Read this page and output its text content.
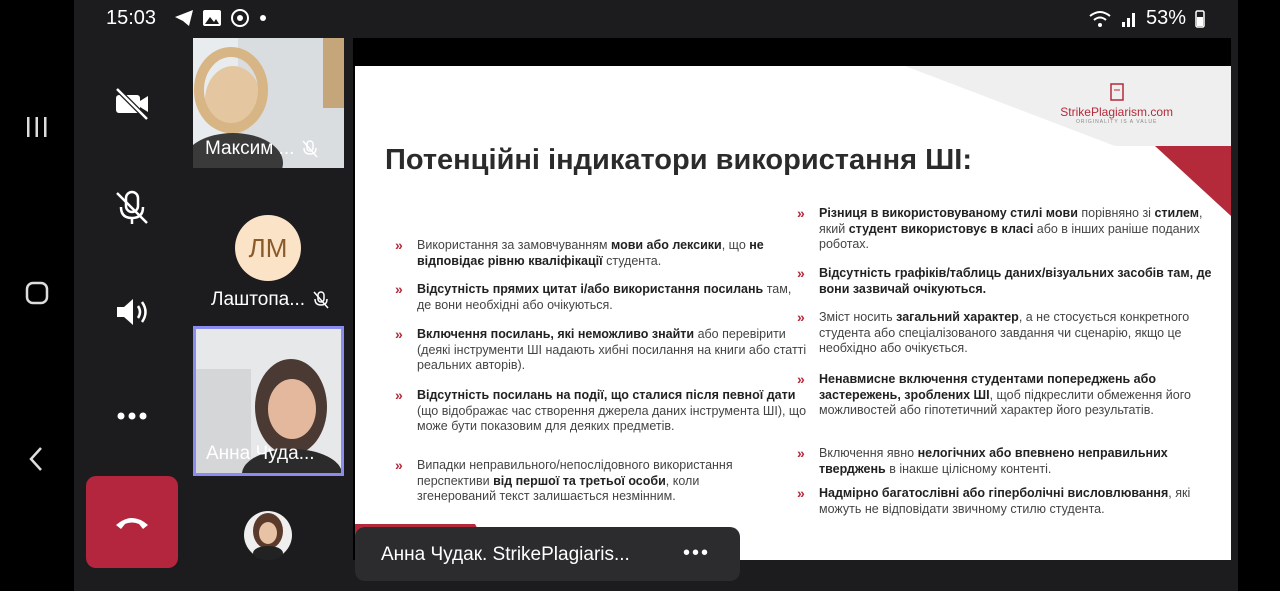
15:03	53%
Максим ...
ЛМ
Лаштопа...
Анна Чуда...
StrikePlagiarism.com
ORIGINALITY IS A VALUE
Потенційні індикатори використання ШІ:
» Використання за замовчуванням мови або лексики, що не відповідає рівню кваліфікації студента.
» Відсутність прямих цитат і/або використання посилань там, де вони необхідні або очікуються.
» Включення посилань, які неможливо знайти або перевірити (деякі інструменти ШІ надають хибні посилання на книги або статті реальних авторів).
» Відсутність посилань на події, що сталися після певної дати (що відображає час створення джерела даних інструмента ШІ), що може бути показовим для деяких предметів.
» Випадки неправильного/непослідовного використання перспективи від першої та третьої особи, коли згенерований текст залишається незмінним.
» Різниця в використовуваному стилі мови порівняно зі стилем, який студент використовує в класі або в інших раніше поданих роботах.
» Відсутність графіків/таблиць даних/візуальних засобів там, де вони зазвичай очікуються.
» Зміст носить загальний характер, а не стосується конкретного студента або спеціалізованого завдання чи сценарію, якщо це необхідно або очікується.
» Ненавмисне включення студентами попереджень або застережень, зроблених ШІ, щоб підкреслити обмеження його можливостей або гіпотетичний характер його результатів.
» Включення явно нелогічних або впевнено неправильних тверджень в інакше цілісному контенті.
» Надмірно багатослівні або гіперболічні висловлювання, які можуть не відповідати звичному стилю студента.
Анна Чудак. StrikePlagiaris...	•••
